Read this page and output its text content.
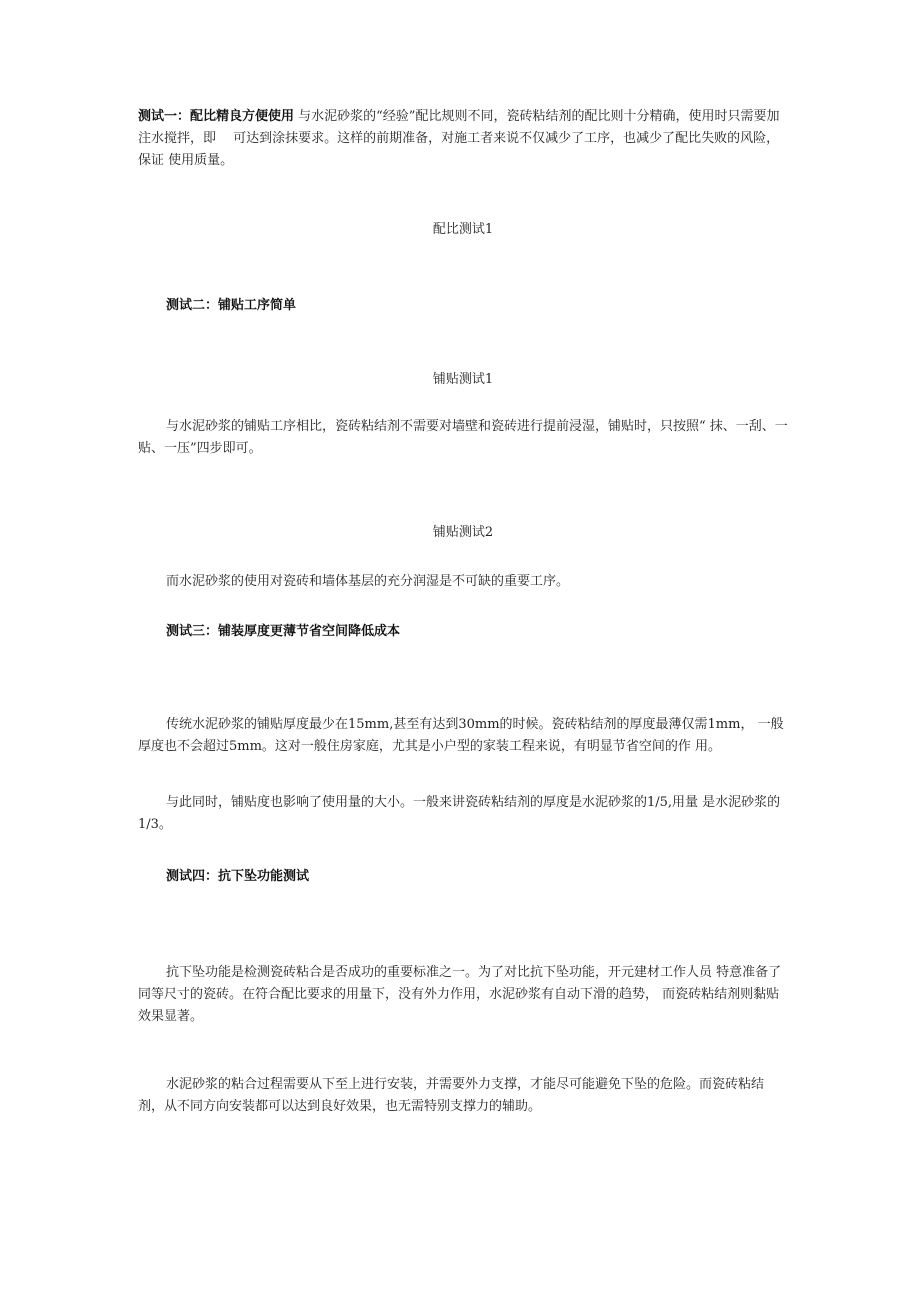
测试一：配比精良方便使用 与水泥砂浆的“经验”配比规则不同，瓷砖粘结剂的配比则十分精确，使用时只需要加注水搅拌，即　 可达到涂抹要求。这样的前期准备，对施工者来说不仅减少了工序，也减少了配比失败的风险，保证 使用质量。

配比测试1

测试二：铺贴工序简单

铺贴测试1

与水泥砂浆的铺贴工序相比，瓷砖粘结剂不需要对墙壁和瓷砖进行提前浸湿，铺贴时，只按照“ 抹、一刮、一贴、一压”四步即可。

铺贴测试2

而水泥砂浆的使用对瓷砖和墙体基层的充分润湿是不可缺的重要工序。

测试三：铺装厚度更薄节省空间降低成本

传统水泥砂浆的铺贴厚度最少在15mm,甚至有达到30mm的时候。瓷砖粘结剂的厚度最薄仅需1mm， 一般厚度也不会超过5mm。这对一般住房家庭，尤其是小户型的家装工程来说，有明显节省空间的作 用。

与此同时，铺贴度也影响了使用量的大小。一般来讲瓷砖粘结剂的厚度是水泥砂浆的1/5,用量 是水泥砂浆的1/3。

测试四：抗下坠功能测试

抗下坠功能是检测瓷砖粘合是否成功的重要标准之一。为了对比抗下坠功能，开元建材工作人员 特意准备了同等尺寸的瓷砖。在符合配比要求的用量下，没有外力作用，水泥砂浆有自动下滑的趋势， 而瓷砖粘结剂则黏贴效果显著。

水泥砂浆的粘合过程需要从下至上进行安装，并需要外力支撑，才能尽可能避免下坠的危险。而瓷砖粘结剂，从不同方向安装都可以达到良好效果，也无需特别支撑力的辅助。
